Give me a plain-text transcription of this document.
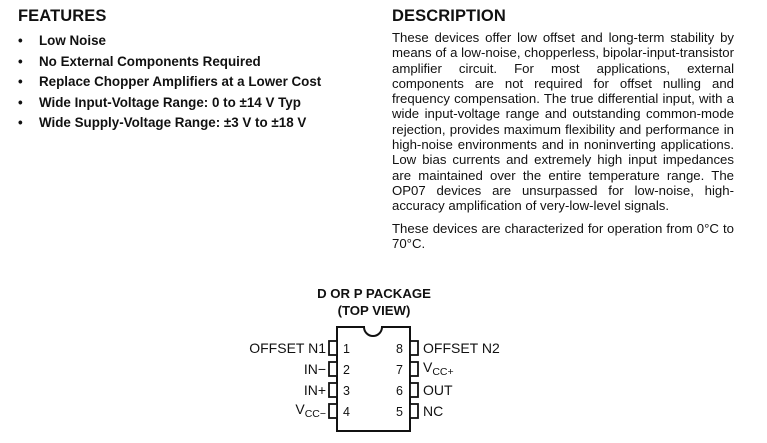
FEATURES
• Low Noise
• No External Components Required
• Replace Chopper Amplifiers at a Lower Cost
• Wide Input-Voltage Range: 0 to ±14 V Typ
• Wide Supply-Voltage Range: ±3 V to ±18 V
DESCRIPTION

These devices offer low offset and long-term stability by means of a low-noise, chopperless, bipolar-input-transistor amplifier circuit. For most applications, external components are not required for offset nulling and frequency compensation. The true differential input, with a wide input-voltage range and outstanding common-mode rejection, provides maximum flexibility and performance in high-noise environments and in noninverting applications. Low bias currents and extremely high input impedances are maintained over the entire temperature range. The OP07 devices are unsurpassed for low-noise, high-accuracy amplification of very-low-level signals.

These devices are characterized for operation from 0°C to 70°C.

D OR P PACKAGE
(TOP VIEW)
OFFSET N1
IN−
IN+
$V_{CC-}$
1
2
3
4
8
7
6
5
OFFSET N2
$V_{CC+}$
OUT
NC
